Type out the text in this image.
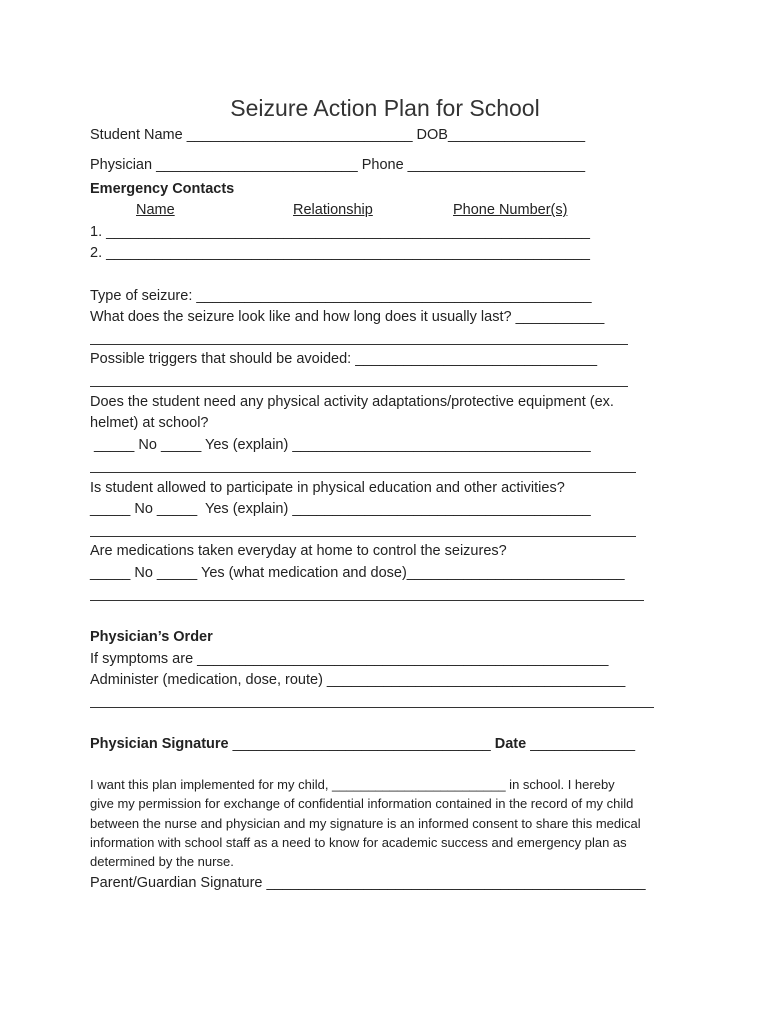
Seizure Action Plan for School
Student Name ____________________________ DOB_________________
Physician _________________________ Phone ______________________
Emergency Contacts
Name	Relationship	Phone Number(s)
1. ____________________________________________________________
2. ____________________________________________________________
Type of seizure: _________________________________________________
What does the seizure look like and how long does it usually last? ___________
Possible triggers that should be avoided: ______________________________
Does the student need any physical activity adaptations/protective equipment (ex.
helmet) at school?
_____ No _____ Yes (explain) _____________________________________
Is student allowed to participate in physical education and other activities?
_____ No _____  Yes (explain) _____________________________________
Are medications taken everyday at home to control the seizures?
_____ No _____ Yes (what medication and dose)___________________________
Physician’s Order
If symptoms are ___________________________________________________
Administer (medication, dose, route) _____________________________________
Physician Signature ________________________________ Date _____________
I want this plan implemented for my child, ________________________ in school. I hereby
give my permission for exchange of confidential information contained in the record of my child
between the nurse and physician and my signature is an informed consent to share this medical
information with school staff as a need to know for academic success and emergency plan as
determined by the nurse.
Parent/Guardian Signature _______________________________________________
